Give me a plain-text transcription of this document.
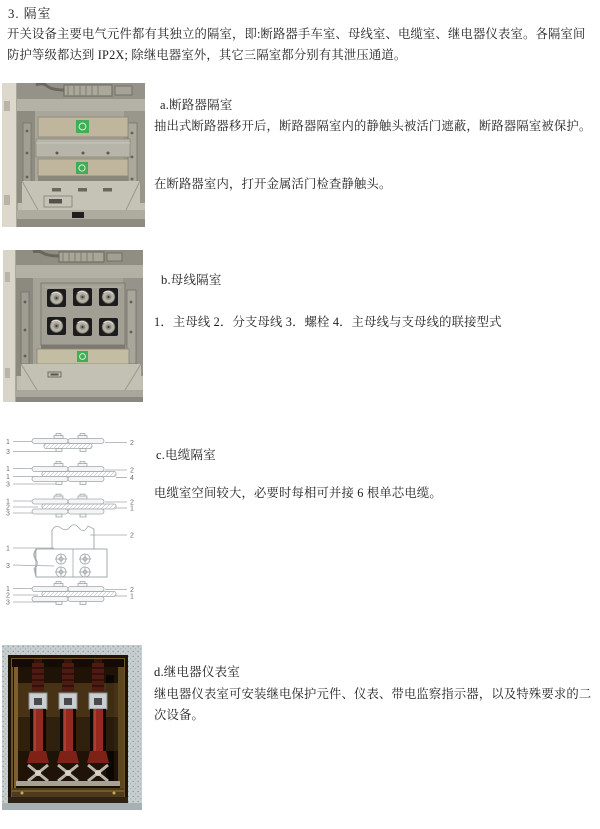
3. 隔室
开关设备主要电气元件都有其独立的隔室，即:断路器手车室、母线室、电缆室、继电器仪表室。各隔室间
防护等级都达到 IP2X; 除继电器室外，其它三隔室都分别有其泄压通道。
a.断路器隔室
抽出式断路器移开后，断路器隔室内的静触头被活门遮蔽，断路器隔室被保护。
在断路器室内，打开金属活门检查静触头。
b.母线隔室
1．主母线 2．分支母线 3．螺栓 4．主母线与支母线的联接型式
1
3
2
1
1
3
2
4
1
2
3
2
1
1
3
2
1
2
3
2
1
c.电缆隔室
电缆室空间较大，必要时每相可并接 6 根单芯电缆。
d.继电器仪表室
继电器仪表室可安装继电保护元件、仪表、带电监察指示器，以及特殊要求的二
次设备。
